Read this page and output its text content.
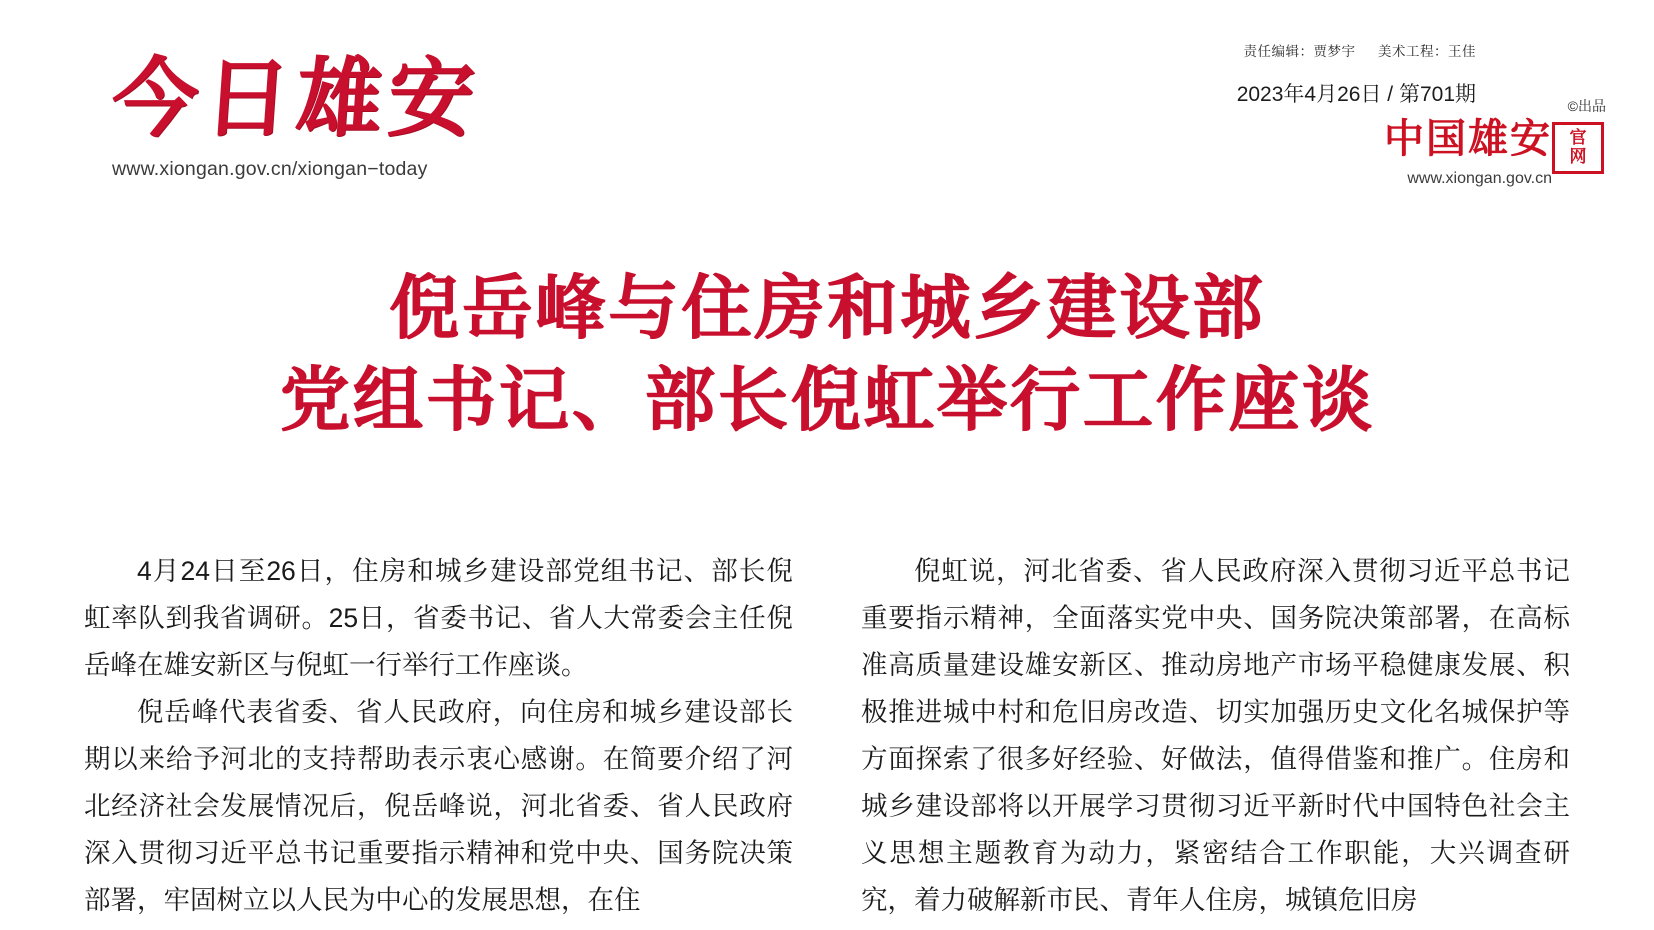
今日雄安
www.xiongan.gov.cn/xiongan−today
责任编辑：贾梦宇 美术工程：王佳
2023年4月26日 / 第701期	©出品
中国雄安	官
网
www.xiongan.gov.cn
倪岳峰与住房和城乡建设部
党组书记、部长倪虹举行工作座谈

4月24日至26日，住房和城乡建设部党组书记、部长倪虹率队到我省调研。25日，省委书记、省人大常委会主任倪岳峰在雄安新区与倪虹一行举行工作座谈。

倪岳峰代表省委、省人民政府，向住房和城乡建设部长期以来给予河北的支持帮助表示衷心感谢。在简要介绍了河北经济社会发展情况后，倪岳峰说，河北省委、省人民政府深入贯彻习近平总书记重要指示精神和党中央、国务院决策部署，牢固树立以人民为中心的发展思想，在住

倪虹说，河北省委、省人民政府深入贯彻习近平总书记重要指示精神，全面落实党中央、国务院决策部署，在高标准高质量建设雄安新区、推动房地产市场平稳健康发展、积极推进城中村和危旧房改造、切实加强历史文化名城保护等方面探索了很多好经验、好做法，值得借鉴和推广。住房和城乡建设部将以开展学习贯彻习近平新时代中国特色社会主义思想主题教育为动力，紧密结合工作职能，大兴调查研究，着力破解新市民、青年人住房，城镇危旧房
